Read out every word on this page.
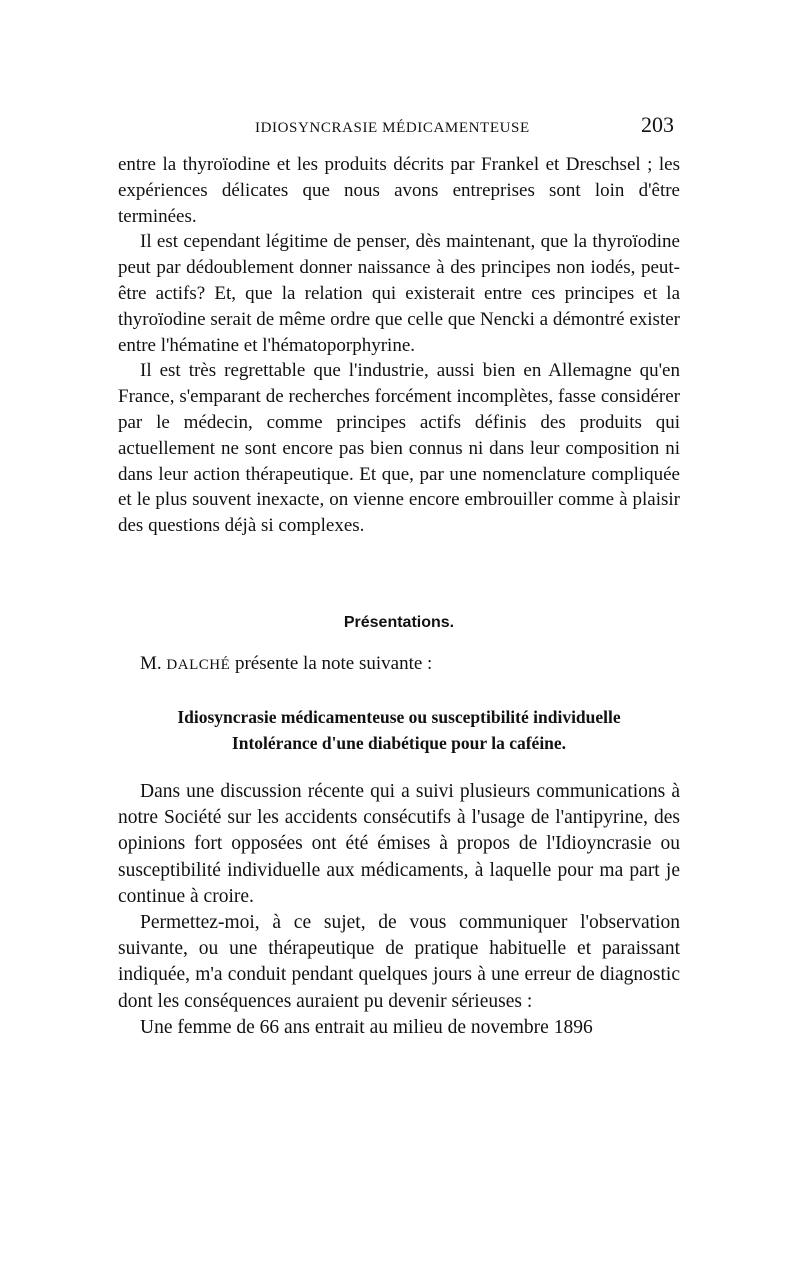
IDIOSYNCRASIE MÉDICAMENTEUSE	203

entre la thyroïodine et les produits décrits par Frankel et Dreschsel ; les expériences délicates que nous avons entreprises sont loin d'être terminées.

Il est cependant légitime de penser, dès maintenant, que la thyroïodine peut par dédoublement donner naissance à des principes non iodés, peut-être actifs? Et, que la relation qui existerait entre ces principes et la thyroïodine serait de même ordre que celle que Nencki a démontré exister entre l'hématine et l'hématoporphyrine.

Il est très regrettable que l'industrie, aussi bien en Allemagne qu'en France, s'emparant de recherches forcément incomplètes, fasse considérer par le médecin, comme principes actifs définis des produits qui actuellement ne sont encore pas bien connus ni dans leur composition ni dans leur action thérapeutique. Et que, par une nomenclature compliquée et le plus souvent inexacte, on vienne encore embrouiller comme à plaisir des questions déjà si complexes.

Présentations.
M. DALCHÉ présente la note suivante :
Idiosyncrasie médicamenteuse ou susceptibilité individuelle
Intolérance d'une diabétique pour la caféine.

Dans une discussion récente qui a suivi plusieurs communications à notre Société sur les accidents consécutifs à l'usage de l'antipyrine, des opinions fort opposées ont été émises à propos de l'Idioyncrasie ou susceptibilité individuelle aux médicaments, à laquelle pour ma part je continue à croire.

Permettez-moi, à ce sujet, de vous communiquer l'observation suivante, ou une thérapeutique de pratique habituelle et paraissant indiquée, m'a conduit pendant quelques jours à une erreur de diagnostic dont les conséquences auraient pu devenir sérieuses :

Une femme de 66 ans entrait au milieu de novembre 1896
